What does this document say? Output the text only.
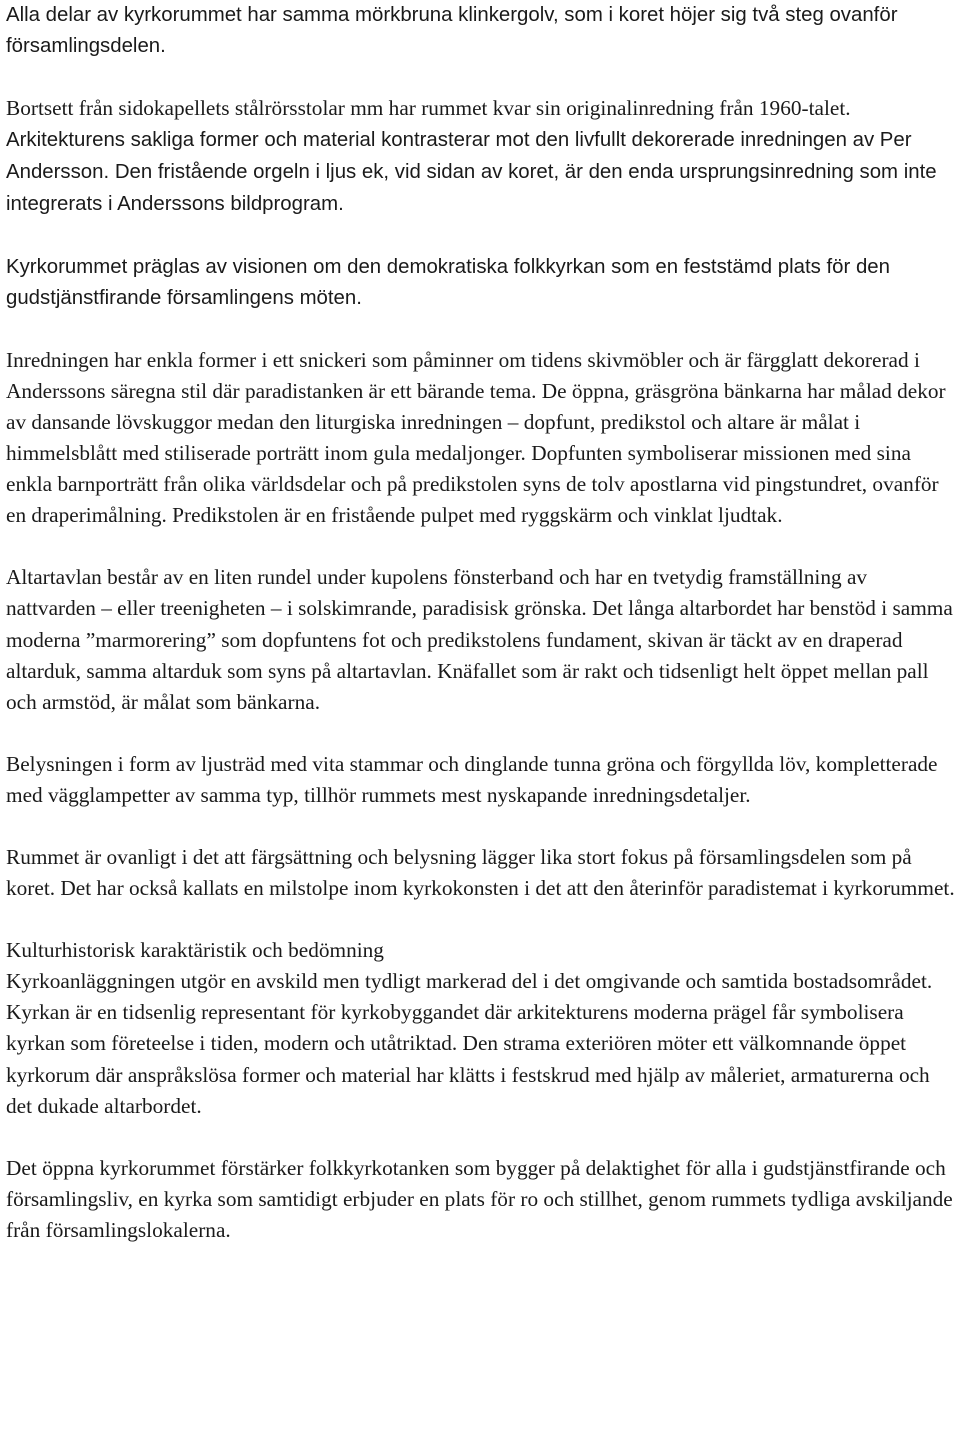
Alla delar av kyrkorummet har samma mörkbruna klinkergolv, som i koret höjer sig två steg ovanför församlingsdelen.

Bortsett från sidokapellets stålrörsstolar mm har rummet kvar sin originalinredning från 1960-talet. Arkitekturens sakliga former och material kontrasterar mot den livfullt dekorerade inredningen av Per Andersson. Den fristående orgeln i ljus ek, vid sidan av koret, är den enda ursprungsinredning som inte integrerats i Anderssons bildprogram.

Kyrkorummet präglas av visionen om den demokratiska folkkyrkan som en feststämd plats för den gudstjänstfirande församlingens möten.

Inredningen har enkla former i ett snickeri som påminner om tidens skivmöbler och är färgglatt dekorerad i Anderssons säregna stil där paradistanken är ett bärande tema. De öppna, gräsgröna bänkarna har målad dekor av dansande lövskuggor medan den liturgiska inredningen – dopfunt, predikstol och altare är målat i himmelsblått med stiliserade porträtt inom gula medaljonger. Dopfunten symboliserar missionen med sina enkla barnporträtt från olika världsdelar och på predikstolen syns de tolv apostlarna vid pingstundret, ovanför en draperimålning. Predikstolen är en fristående pulpet med ryggskärm och vinklat ljudtak.

Altartavlan består av en liten rundel under kupolens fönsterband och har en tvetydig framställning av nattvarden – eller treenigheten – i solskimrande, paradisisk grönska. Det långa altarbordet har benstöd i samma moderna ”marmorering” som dopfuntens fot och predikstolens fundament, skivan är täckt av en draperad altarduk, samma altarduk som syns på altartavlan. Knäfallet som är rakt och tidsenligt helt öppet mellan pall och armstöd, är målat som bänkarna.

Belysningen i form av ljusträd med vita stammar och dinglande tunna gröna och förgyllda löv, kompletterade med vägglampetter av samma typ, tillhör rummets mest nyskapande inredningsdetaljer.

Rummet är ovanligt i det att färgsättning och belysning lägger lika stort fokus på församlingsdelen som på koret. Det har också kallats en milstolpe inom kyrkokonsten i det att den återinför paradistemat i kyrkorummet.

Kulturhistorisk karaktäristik och bedömning

Kyrkoanläggningen utgör en avskild men tydligt markerad del i det omgivande och samtida bostadsområdet. Kyrkan är en tidsenlig representant för kyrkobyggandet där arkitekturens moderna prägel får symbolisera kyrkan som företeelse i tiden, modern och utåtriktad. Den strama exteriören möter ett välkomnande öppet kyrkorum där anspråkslösa former och material har klätts i festskrud med hjälp av måleriet, armaturerna och det dukade altarbordet.

Det öppna kyrkorummet förstärker folkkyrkotanken som bygger på delaktighet för alla i gudstjänstfirande och församlingsliv, en kyrka som samtidigt erbjuder en plats för ro och stillhet, genom rummets tydliga avskiljande från församlingslokalerna.
